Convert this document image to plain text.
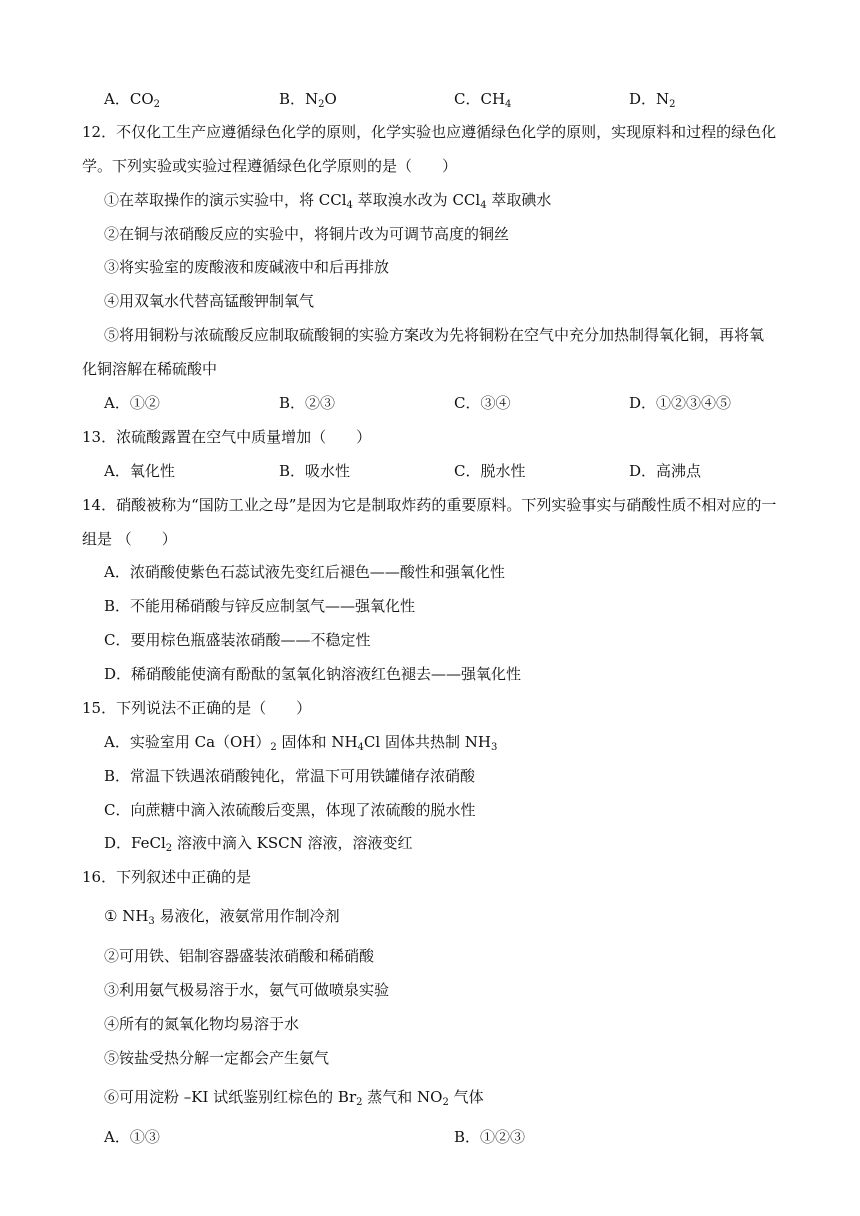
A．$CO_2$	B．$N_2O$	C．$CH_4$	D．$N_2$
12．不仅化工生产应遵循绿色化学的原则，化学实验也应遵循绿色化学的原则，实现原料和过程的绿色化
学。下列实验或实验过程遵循绿色化学原则的是（　　）
①在萃取操作的演示实验中，将 CCl$_4$ 萃取溴水改为 CCl$_4$ 萃取碘水
②在铜与浓硝酸反应的实验中，将铜片改为可调节高度的铜丝
③将实验室的废酸液和废碱液中和后再排放
④用双氧水代替高锰酸钾制氧气
⑤将用铜粉与浓硫酸反应制取硫酸铜的实验方案改为先将铜粉在空气中充分加热制得氧化铜，再将氧
化铜溶解在稀硫酸中
A．①②	B．②③	C．③④	D．①②③④⑤
13．浓硫酸露置在空气中质量增加（　　）
A．氧化性	B．吸水性	C．脱水性	D．高沸点
14．硝酸被称为“国防工业之母”是因为它是制取炸药的重要原料。下列实验事实与硝酸性质不相对应的一
组是 （　　）
A．浓硝酸使紫色石蕊试液先变红后褪色——酸性和强氧化性
B．不能用稀硝酸与锌反应制氢气——强氧化性
C．要用棕色瓶盛装浓硝酸——不稳定性
D．稀硝酸能使滴有酚酞的氢氧化钠溶液红色褪去——强氧化性
15．下列说法不正确的是（　　）
A．实验室用 $Ca(OH)_2$ 固体和 $NH_4Cl$ 固体共热制 $NH_3$
B．常温下铁遇浓硝酸钝化，常温下可用铁罐储存浓硝酸
C．向蔗糖中滴入浓硫酸后变黑，体现了浓硫酸的脱水性
D．FeCl$_2$ 溶液中滴入 KSCN 溶液，溶液变红
16．下列叙述中正确的是
① $NH_3$ 易液化，液氨常用作制冷剂
②可用铁、铝制容器盛装浓硝酸和稀硝酸
③利用氨气极易溶于水，氨气可做喷泉实验
④所有的氮氧化物均易溶于水
⑤铵盐受热分解一定都会产生氨气
⑥可用淀粉 –KI 试纸鉴别红棕色的 $Br_2$ 蒸气和 $NO_2$ 气体
A．①③	B．①②③
